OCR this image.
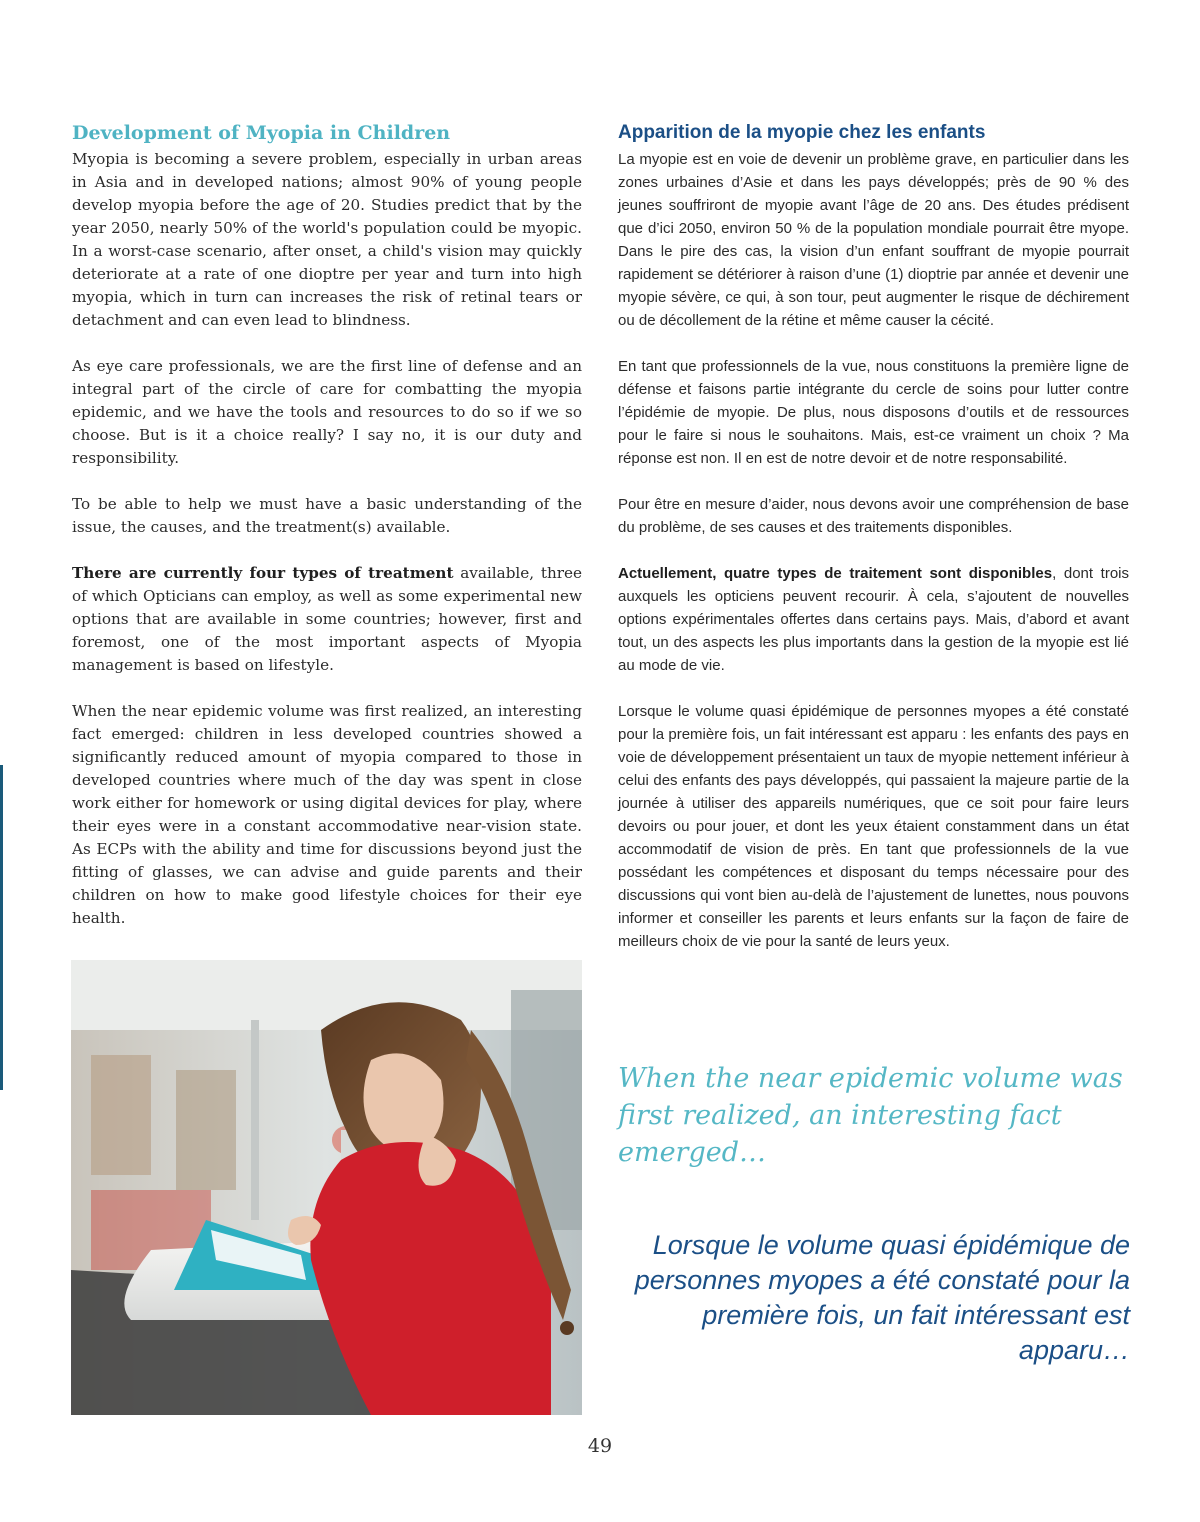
Development of Myopia in Children

Myopia is becoming a severe problem, especially in urban areas in Asia and in developed nations; almost 90% of young people develop myopia before the age of 20. Studies predict that by the year 2050, nearly 50% of the world's population could be myopic. In a worst-case scenario, after onset, a child's vision may quickly deteriorate at a rate of one dioptre per year and turn into high myopia, which in turn can increases the risk of retinal tears or detachment and can even lead to blindness.

As eye care professionals, we are the first line of defense and an integral part of the circle of care for combatting the myopia epidemic, and we have the tools and resources to do so if we so choose. But is it a choice really? I say no, it is our duty and responsibility.

To be able to help we must have a basic understanding of the issue, the causes, and the treatment(s) available.

There are currently four types of treatment available, three of which Opticians can employ, as well as some experimental new options that are available in some countries; however, first and foremost, one of the most important aspects of Myopia management is based on lifestyle.

When the near epidemic volume was first realized, an interesting fact emerged: children in less developed countries showed a significantly reduced amount of myopia compared to those in developed countries where much of the day was spent in close work either for homework or using digital devices for play, where their eyes were in a constant accommodative near-vision state. As ECPs with the ability and time for discussions beyond just the fitting of glasses, we can advise and guide parents and their children on how to make good lifestyle choices for their eye health.

Apparition de la myopie chez les enfants

La myopie est en voie de devenir un problème grave, en particulier dans les zones urbaines d’Asie et dans les pays développés; près de 90 % des jeunes souffriront de myopie avant l’âge de 20 ans. Des études prédisent que d’ici 2050, environ 50 % de la population mondiale pourrait être myope. Dans le pire des cas, la vision d’un enfant souffrant de myopie pourrait rapidement se détériorer à raison d’une (1) dioptrie par année et devenir une myopie sévère, ce qui, à son tour, peut augmenter le risque de déchirement ou de décollement de la rétine et même causer la cécité.

En tant que professionnels de la vue, nous constituons la première ligne de défense et faisons partie intégrante du cercle de soins pour lutter contre l’épidémie de myopie. De plus, nous disposons d’outils et de ressources pour le faire si nous le souhaitons. Mais, est-ce vraiment un choix ? Ma réponse est non. Il en est de notre devoir et de notre responsabilité.

Pour être en mesure d’aider, nous devons avoir une compréhension de base du problème, de ses causes et des traitements disponibles.

Actuellement, quatre types de traitement sont disponibles, dont trois auxquels les opticiens peuvent recourir. À cela, s’ajoutent de nouvelles options expérimentales offertes dans certains pays. Mais, d’abord et avant tout, un des aspects les plus importants dans la gestion de la myopie est lié au mode de vie.

Lorsque le volume quasi épidémique de personnes myopes a été constaté pour la première fois, un fait intéressant est apparu : les enfants des pays en voie de développement présentaient un taux de myopie nettement inférieur à celui des enfants des pays développés, qui passaient la majeure partie de la journée à utiliser des appareils numériques, que ce soit pour faire leurs devoirs ou pour jouer, et dont les yeux étaient constamment dans un état accommodatif de vision de près. En tant que professionnels de la vue possédant les compétences et disposant du temps nécessaire pour des discussions qui vont bien au-delà de l’ajustement de lunettes, nous pouvons informer et conseiller les parents et leurs enfants sur la façon de faire de meilleurs choix de vie pour la santé de leurs yeux.

When the near epidemic volume was first realized, an interesting fact emerged…
Lorsque le volume quasi épidémique de personnes myopes a été constaté pour la première fois, un fait intéressant est apparu…
49
